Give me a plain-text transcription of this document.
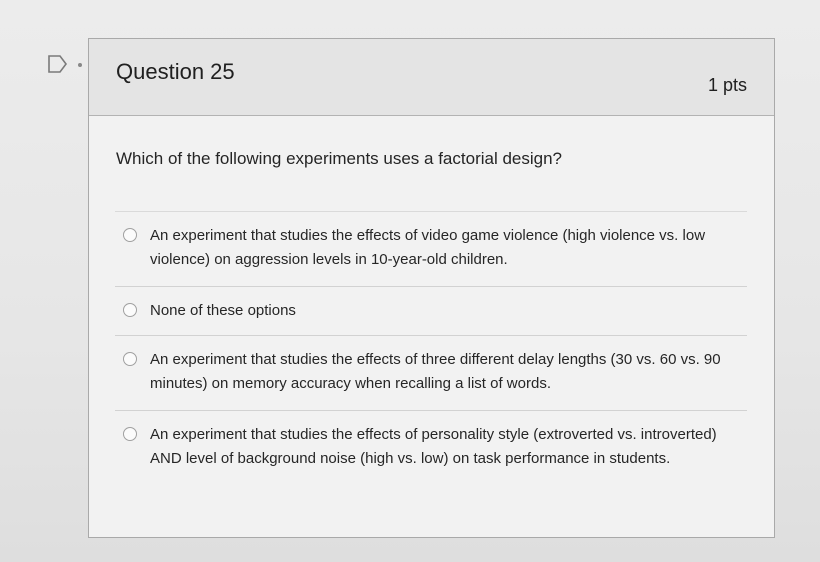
Question 25
1 pts
Which of the following experiments uses a factorial design?
An experiment that studies the effects of video game violence (high violence vs. low violence) on aggression levels in 10-year-old children.
None of these options
An experiment that studies the effects of three different delay lengths (30 vs. 60 vs. 90 minutes) on memory accuracy when recalling a list of words.
An experiment that studies the effects of personality style (extroverted vs. introverted) AND level of background noise (high vs. low) on task performance in students.
